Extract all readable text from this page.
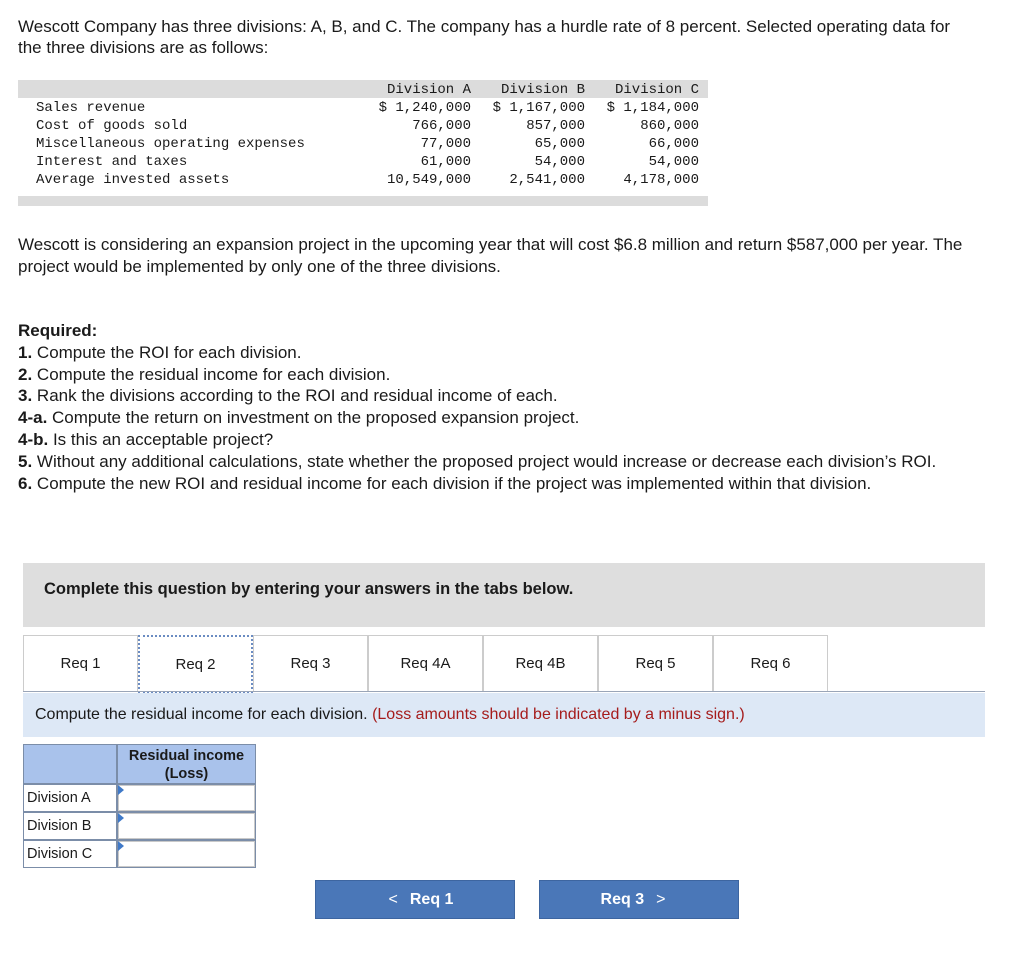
Wescott Company has three divisions: A, B, and C. The company has a hurdle rate of 8 percent. Selected operating data for the three divisions are as follows:
Division A Division B Division C
Sales revenue	$ 1,240,000 $ 1,167,000 $ 1,184,000
Cost of goods sold	766,000	857,000	860,000
Miscellaneous operating expenses	77,000	65,000	66,000
Interest and taxes	61,000	54,000	54,000
Average invested assets	10,549,000	2,541,000	4,178,000
Wescott is considering an expansion project in the upcoming year that will cost $6.8 million and return $587,000 per year. The project would be implemented by only one of the three divisions.
Required:
1. Compute the ROI for each division.
2. Compute the residual income for each division.
3. Rank the divisions according to the ROI and residual income of each.
4-a. Compute the return on investment on the proposed expansion project.
4-b. Is this an acceptable project?
5. Without any additional calculations, state whether the proposed project would increase or decrease each division’s ROI.
6. Compute the new ROI and residual income for each division if the project was implemented within that division.
Complete this question by entering your answers in the tabs below.
Req 1	Req 2	Req 3	Req 4A	Req 4B	Req 5	Req 6
Compute the residual income for each division. (Loss amounts should be indicated by a minus sign.)
Residual income
(Loss)
Division A
Division B
Division C
< Req 1	Req 3 >
